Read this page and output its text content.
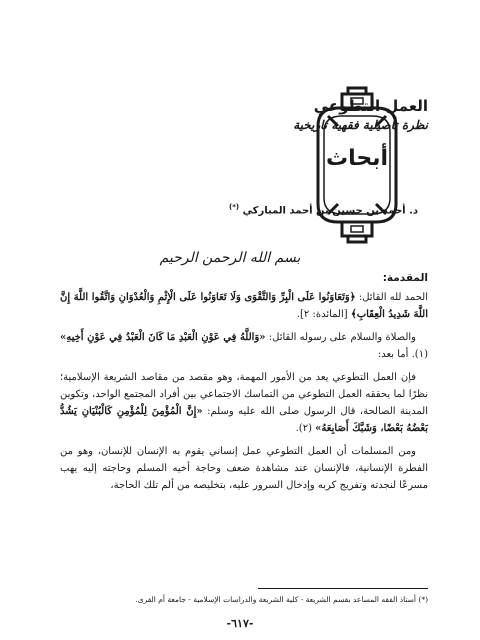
العمل التطوعي

نظرة تأصيلية فقهية تاريخية

أبحاث
د. أحمد بن حسين بن أحمد المباركي (*)
بسم الله الرحمن الرحيم

المقدمة:

الحمد لله القائل: ﴿وَتَعَاوَنُوا عَلَى الْبِرِّ وَالتَّقْوَى وَلَا تَعَاوَنُوا عَلَى الْإِثْمِ وَالْعُدْوَانِ وَاتَّقُوا اللَّهَ إِنَّ اللَّهَ شَدِيدُ الْعِقَابِ﴾ [المائدة: ٢].

والصلاة والسلام على رسوله القائل: «وَاللَّهُ فِي عَوْنِ الْعَبْدِ مَا كَانَ الْعَبْدُ فِي عَوْنِ أَخِيهِ» (١). أما بعد:

فإن العمل التطوعي يعد من الأمور المهمة، وهو مقصد من مقاصد الشريعة الإسلامية؛ نظرًا لما يحققه العمل التطوعي من التماسك الاجتماعي بين أفراد المجتمع الواحد، وتكوين المدينة الصالحة، قال الرسول صلى الله عليه وسلم: «إِنَّ الْمُؤْمِنَ لِلْمُؤْمِنِ كَالْبُنْيَانِ يَشُدُّ بَعْضُهُ بَعْضًا، وَشَبَّكَ أَصَابِعَهُ» (٢).

ومن المسلمات أن العمل التطوعي عمل إنساني يقوم به الإنسان للإنسان، وهو من الفطرة الإنسانية، فالإنسان عند مشاهدة ضعف وحاجة أخيه المسلم وحاجته إليه يهب مسرعًا لنجدته وتفريج كربه وإدخال السرور عليه، بتخليصه من ألم تلك الحاجة،

(*) أستاذ الفقه المساعد بقسم الشريعة - كلية الشريعة والدراسات الإسلامية - جامعة أم القرى.
-٦١٧-
